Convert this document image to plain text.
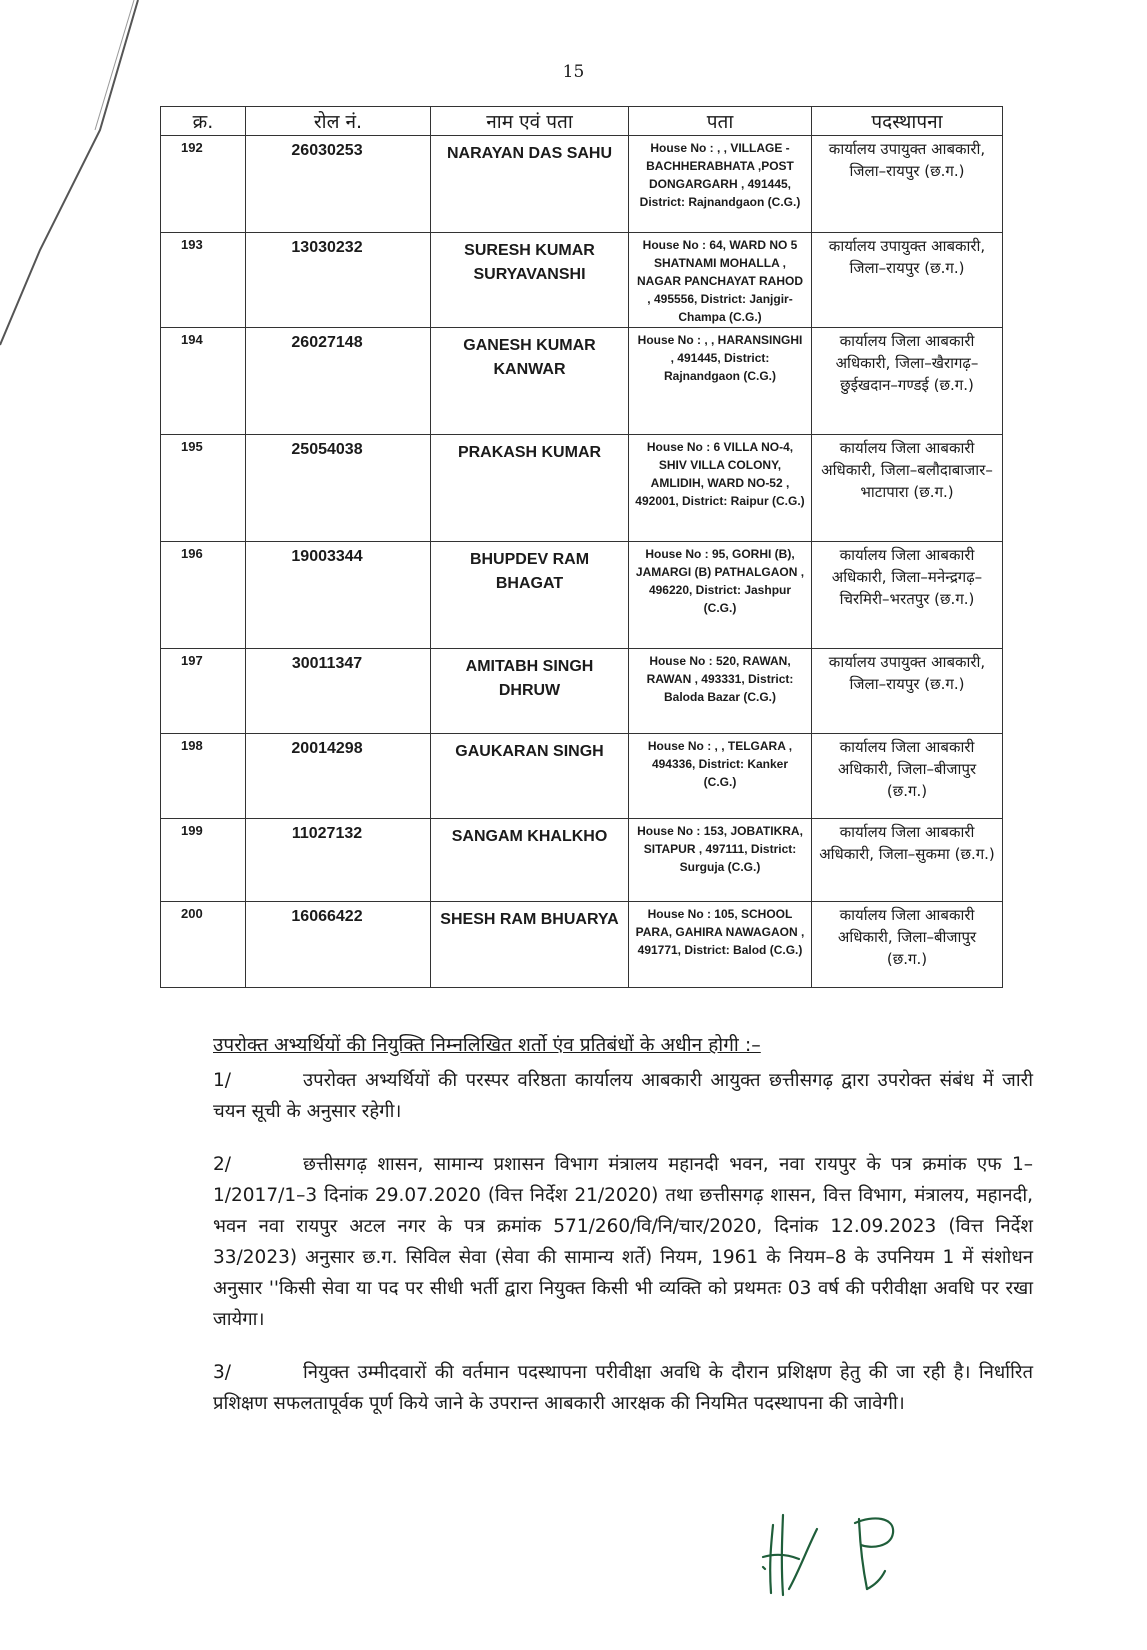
15
क्र.	रोल नं.	नाम एवं पता	पता	पदस्थापना
192	26030253	NARAYAN DAS SAHU	House No : , , VILLAGE - BACHHERABHATA ,POST DONGARGARH , 491445, District: Rajnandgaon (C.G.)	कार्यालय उपायुक्त आबकारी, जिला–रायपुर (छ.ग.)
193	13030232	SURESH KUMAR SURYAVANSHI	House No : 64, WARD NO 5 SHATNAMI MOHALLA , NAGAR PANCHAYAT RAHOD , 495556, District: Janjgir-Champa (C.G.)	कार्यालय उपायुक्त आबकारी, जिला–रायपुर (छ.ग.)
194	26027148	GANESH KUMAR KANWAR	House No : , , HARANSINGHI , 491445, District: Rajnandgaon (C.G.)	कार्यालय जिला आबकारी अधिकारी, जिला–खैरागढ़– छुईखदान–गण्डई (छ.ग.)
195	25054038	PRAKASH KUMAR	House No : 6 VILLA NO-4, SHIV VILLA COLONY, AMLIDIH, WARD NO-52 , 492001, District: Raipur (C.G.)	कार्यालय जिला आबकारी अधिकारी, जिला–बलौदाबाजार– भाटापारा (छ.ग.)
196	19003344	BHUPDEV RAM BHAGAT	House No : 95, GORHI (B), JAMARGI (B) PATHALGAON , 496220, District: Jashpur (C.G.)	कार्यालय जिला आबकारी अधिकारी, जिला–मनेन्द्रगढ़– चिरमिरी–भरतपुर (छ.ग.)
197	30011347	AMITABH SINGH DHRUW	House No : 520, RAWAN, RAWAN , 493331, District: Baloda Bazar (C.G.)	कार्यालय उपायुक्त आबकारी, जिला–रायपुर (छ.ग.)
198	20014298	GAUKARAN SINGH	House No : , , TELGARA , 494336, District: Kanker (C.G.)	कार्यालय जिला आबकारी अधिकारी, जिला–बीजापुर (छ.ग.)
199	11027132	SANGAM KHALKHO	House No : 153, JOBATIKRA, SITAPUR , 497111, District: Surguja (C.G.)	कार्यालय जिला आबकारी अधिकारी, जिला–सुकमा (छ.ग.)
200	16066422	SHESH RAM BHUARYA	House No : 105, SCHOOL PARA, GAHIRA NAWAGAON , 491771, District: Balod (C.G.)	कार्यालय जिला आबकारी अधिकारी, जिला–बीजापुर (छ.ग.)
उपरोक्त अभ्यर्थियों की नियुक्ति निम्नलिखित शर्तो एंव प्रतिबंधों के अधीन होगी :–

1/	उपरोक्त अभ्यर्थियों की परस्पर वरिष्ठता कार्यालय आबकारी आयुक्त छत्तीसगढ़ द्वारा उपरोक्त संबंध में जारी चयन सूची के अनुसार रहेगी।

2/	छत्तीसगढ़ शासन, सामान्य प्रशासन विभाग मंत्रालय महानदी भवन, नवा रायपुर के पत्र क्रमांक एफ 1–1/2017/1–3 दिनांक 29.07.2020 (वित्त निर्देश 21/2020) तथा छत्तीसगढ़ शासन, वित्त विभाग, मंत्रालय, महानदी, भवन नवा रायपुर अटल नगर के पत्र क्रमांक 571/260/वि/नि/चार/2020, दिनांक 12.09.2023 (वित्त निर्देश 33/2023) अनुसार छ.ग. सिविल सेवा (सेवा की सामान्य शर्ते) नियम, 1961 के नियम–8 के उपनियम 1 में संशोधन अनुसार ''किसी सेवा या पद पर सीधी भर्ती द्वारा नियुक्त किसी भी व्यक्ति को प्रथमतः 03 वर्ष की परीवीक्षा अवधि पर रखा जायेगा।

3/	नियुक्त उम्मीदवारों की वर्तमान पदस्थापना परीवीक्षा अवधि के दौरान प्रशिक्षण हेतु की जा रही है। निर्धारित प्रशिक्षण सफलतापूर्वक पूर्ण किये जाने के उपरान्त आबकारी आरक्षक की नियमित पदस्थापना की जावेगी।
